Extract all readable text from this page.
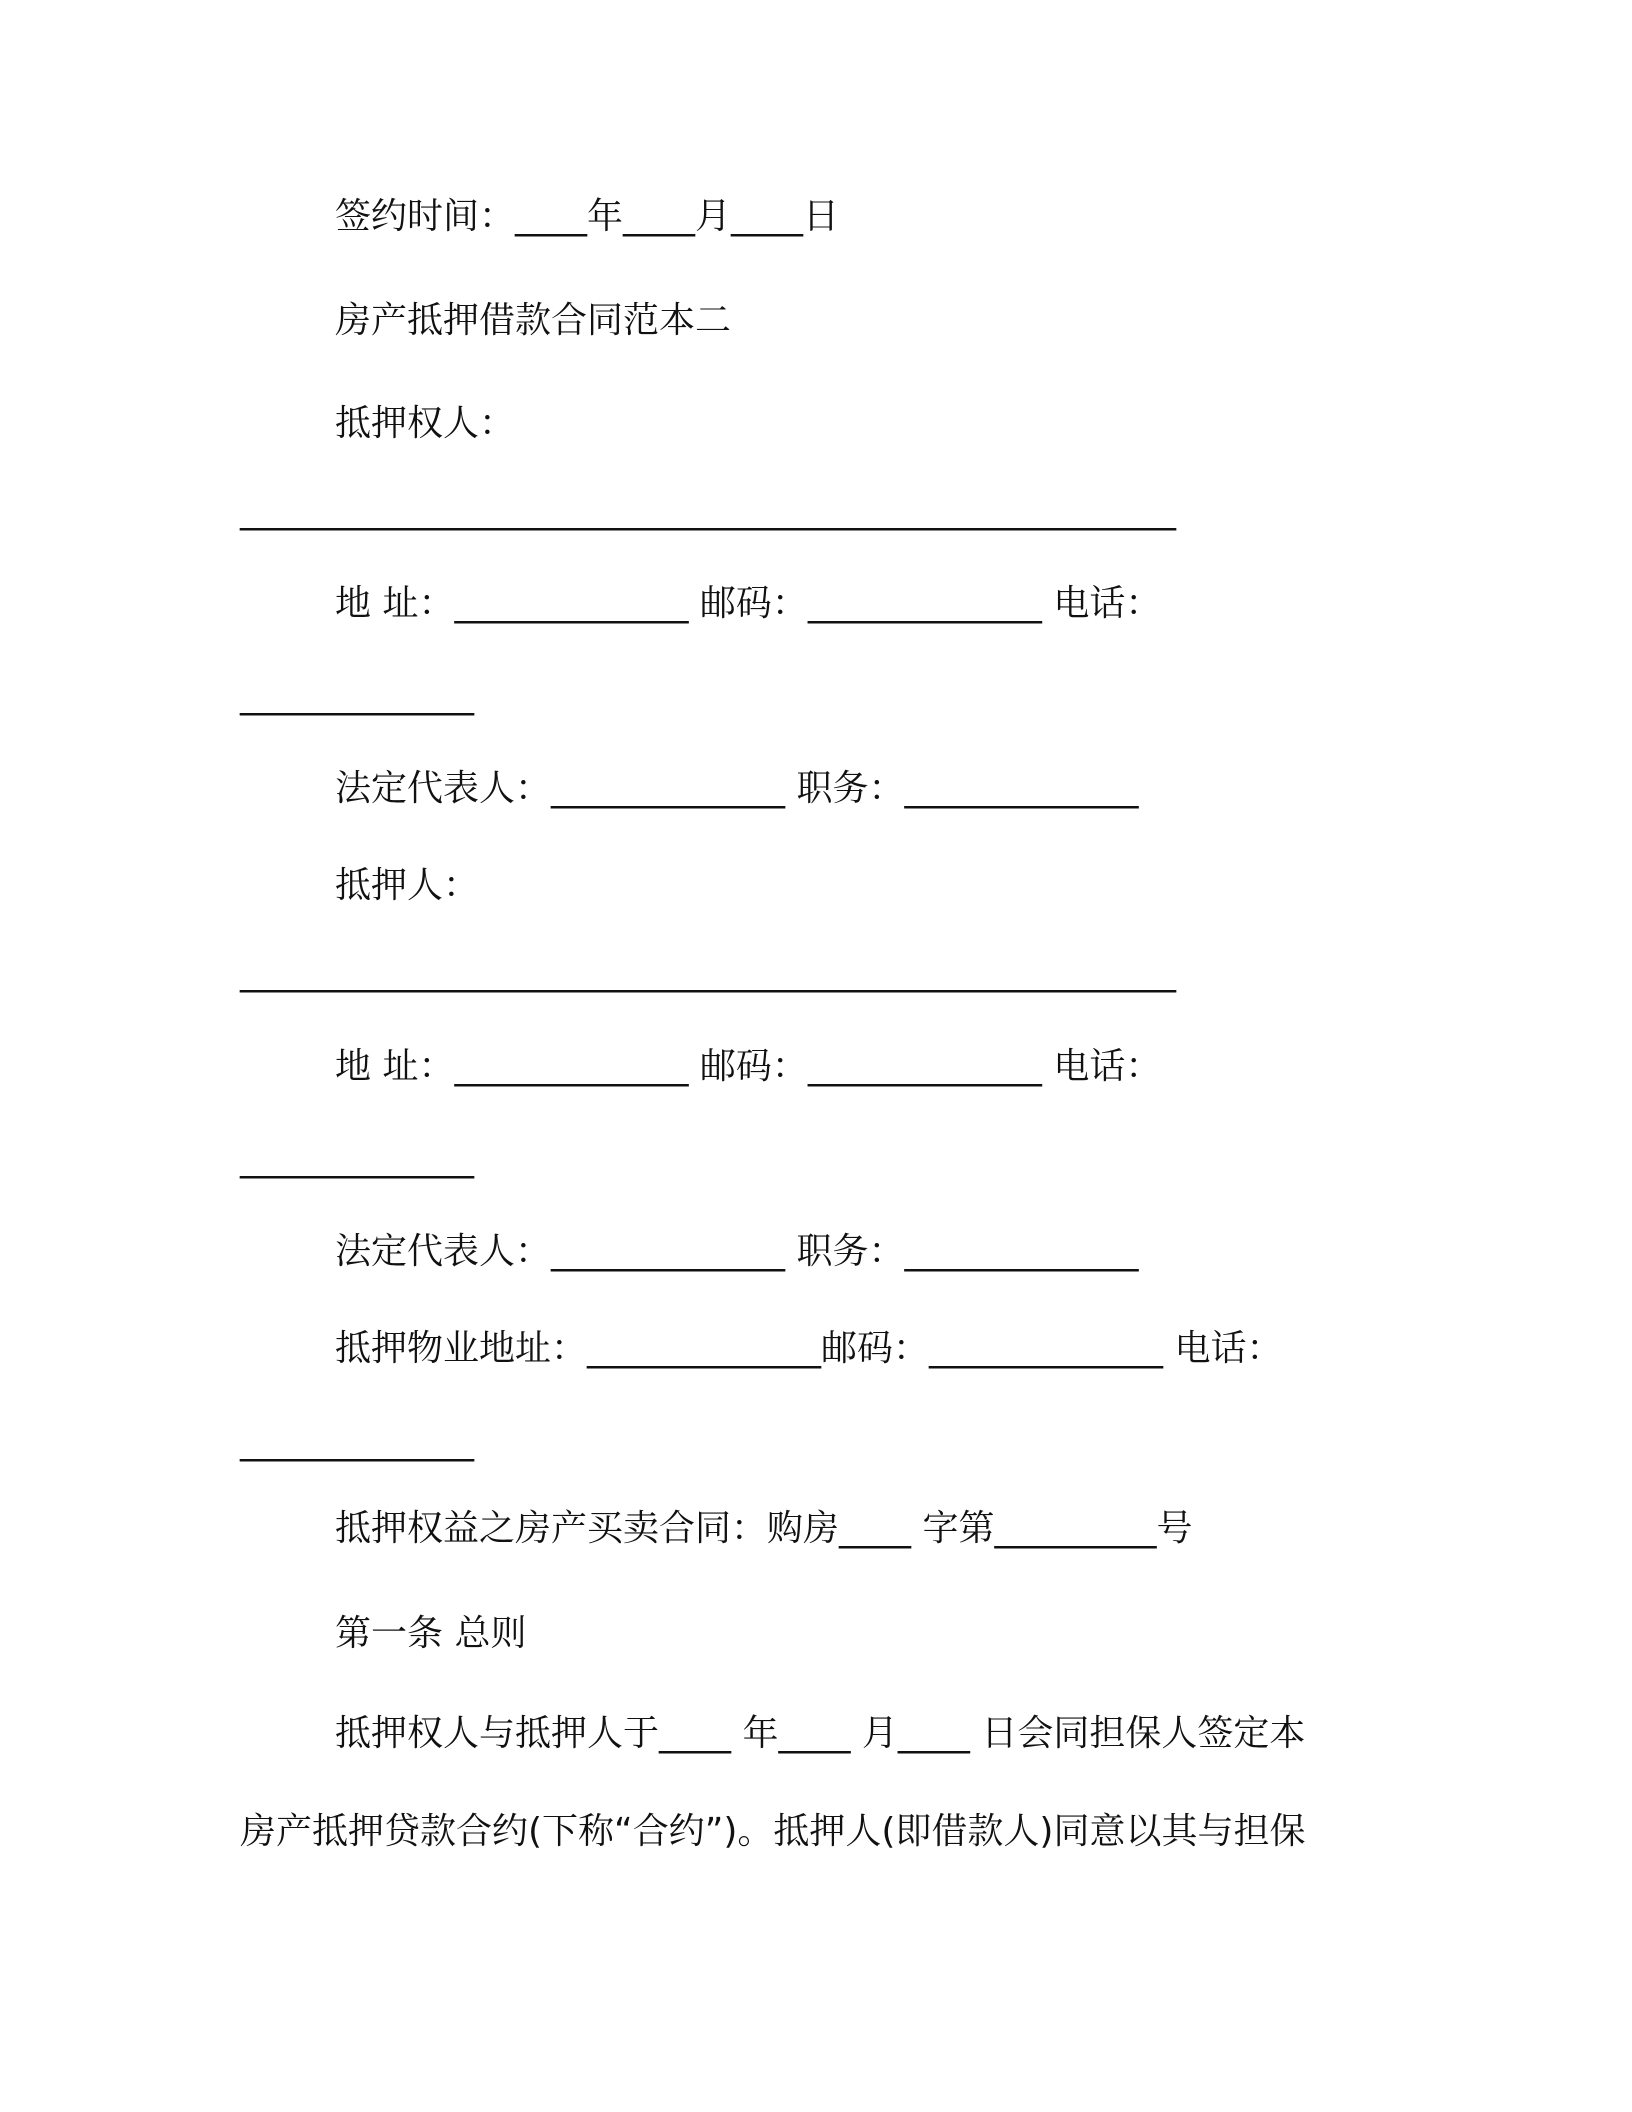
签约时间：____年____月____日

房产抵押借款合同范本二

抵押权人：

____________________________________________________

地 址：_____________ 邮码：_____________ 电话：

_____________

法定代表人：_____________ 职务：_____________

抵押人：

____________________________________________________

地 址：_____________ 邮码：_____________ 电话：

_____________

法定代表人：_____________ 职务：_____________

抵押物业地址：_____________邮码：_____________ 电话：

_____________

抵押权益之房产买卖合同：购房____ 字第_________号

第一条 总则

抵押权人与抵押人于____ 年____ 月____ 日会同担保人签定本

房产抵押贷款合约(下称“合约”)。抵押人(即借款人)同意以其与担保
